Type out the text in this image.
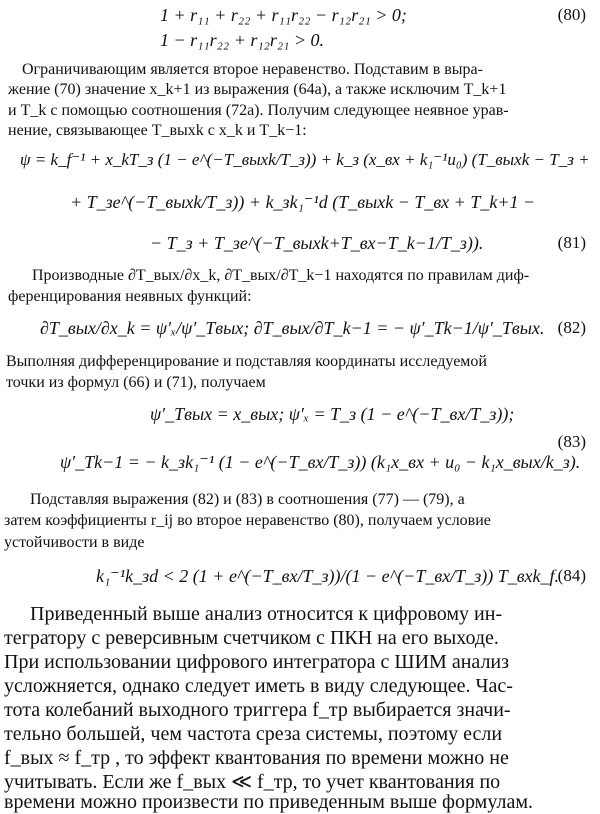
1 + r₁₁ + r₂₂ + r₁₁r₂₂ − r₁₂r₂₁ > 0;	(80)
1 − r₁₁r₂₂ + r₁₂r₂₁ > 0.
Ограничивающим является второе неравенство. Подставим в выра-
жение (70) значение x_k+1 из выражения (64а), а также исключим T_k+1
и T_k с помощью соотношения (72а). Получим следующее неявное урав-
нение, связывающее T_выхk с x_k и T_k−1:
ψ = k_f⁻¹ + x_kT_з (1 − e^(−T_выхk/T_з)) + k_з (x_вх + k₁⁻¹u₀) (T_выхk − T_з +
+ T_зe^(−T_выхk/T_з)) + k_зk₁⁻¹d (T_выхk − T_вх + T_k+1 −
− T_з + T_зe^(−T_выхk+T_вх−T_k−1/T_з)).	(81)
Производные ∂T_вых/∂x_k, ∂T_вых/∂T_k−1 находятся по правилам диф-
ференцирования неявных функций:
∂T_вых/∂x_k = ψ′ₓ/ψ′_Tвых; ∂T_вых/∂T_k−1 = − ψ′_Tk−1/ψ′_Tвых. (82)
Выполняя дифференцирование и подставляя координаты исследуемой
точки из формул (66) и (71), получаем
ψ′_Tвых = x_вых; ψ′ₓ = T_з (1 − e^(−T_вх/T_з));
(83)
ψ′_Tk−1 = − k_зk₁⁻¹ (1 − e^(−T_вх/T_з)) (k₁x_вх + u₀ − k₁x_вых/k_з).
Подставляя выражения (82) и (83) в соотношения (77) — (79), а
затем коэффициенты r_ij во второе неравенство (80), получаем условие
устойчивости в виде
k₁⁻¹k_зd < 2 (1 + e^(−T_вх/T_з))/(1 − e^(−T_вх/T_з)) T_вхk_f.
(84)
Приведенный выше анализ относится к цифровому ин-
тегратору с реверсивным счетчиком с ПКН на его выходе.
При использовании цифрового интегратора с ШИМ анализ
усложняется, однако следует иметь в виду следующее. Час-
тота колебаний выходного триггера f_тр выбирается значи-
тельно большей, чем частота среза системы, поэтому если
f_вых ≈ f_тр , то эффект квантования по времени можно не
учитывать. Если же f_вых ≪ f_тр, то учет квантования по
времени можно произвести по приведенным выше формулам.
